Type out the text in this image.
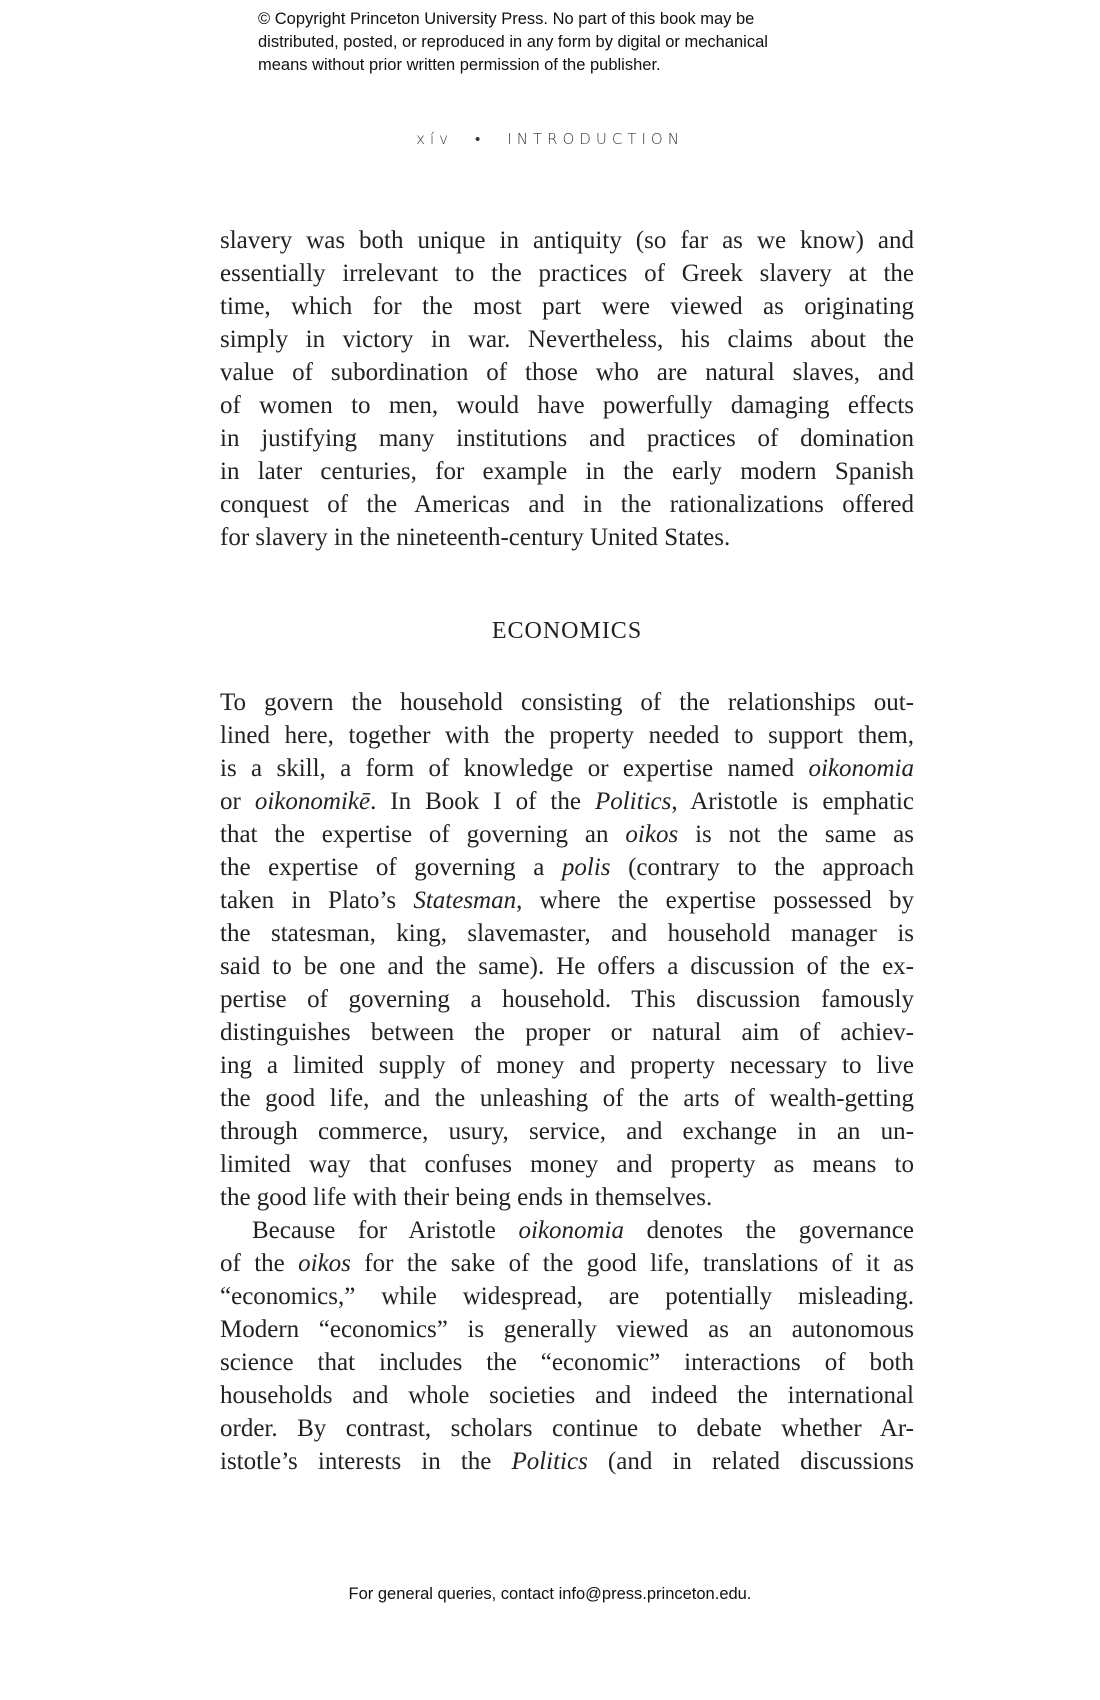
© Copyright Princeton University Press. No part of this book may be
distributed, posted, or reproduced in any form by digital or mechanical
means without prior written permission of the publisher.
xív • INTRODUCTION
slavery was both unique in antiquity (so far as we know) and
essentially irrelevant to the practices of Greek slavery at the
time, which for the most part were viewed as originating
simply in victory in war. Nevertheless, his claims about the
value of subordination of those who are natural slaves, and
of women to men, would have powerfully damaging effects
in justifying many institutions and practices of domination
in later centuries, for example in the early modern Spanish
conquest of the Americas and in the rationalizations offered
for slavery in the nineteenth-century United States.
ECONOMICS
To govern the household consisting of the relationships out-
lined here, together with the property needed to support them,
is a skill, a form of knowledge or expertise named oikonomia
or oikonomikē. In Book I of the Politics, Aristotle is emphatic
that the expertise of governing an oikos is not the same as
the expertise of governing a polis (contrary to the approach
taken in Plato’s Statesman, where the expertise possessed by
the statesman, king, slavemaster, and household manager is
said to be one and the same). He offers a discussion of the ex-
pertise of governing a household. This discussion famously
distinguishes between the proper or natural aim of achiev-
ing a limited supply of money and property necessary to live
the good life, and the unleashing of the arts of wealth-getting
through commerce, usury, service, and exchange in an un-
limited way that confuses money and property as means to
the good life with their being ends in themselves.
Because for Aristotle oikonomia denotes the governance
of the oikos for the sake of the good life, translations of it as
“economics,” while widespread, are potentially misleading.
Modern “economics” is generally viewed as an autonomous
science that includes the “economic” interactions of both
households and whole societies and indeed the international
order. By contrast, scholars continue to debate whether Ar-
istotle’s interests in the Politics (and in related discussions
For general queries, contact info@press.princeton.edu.
